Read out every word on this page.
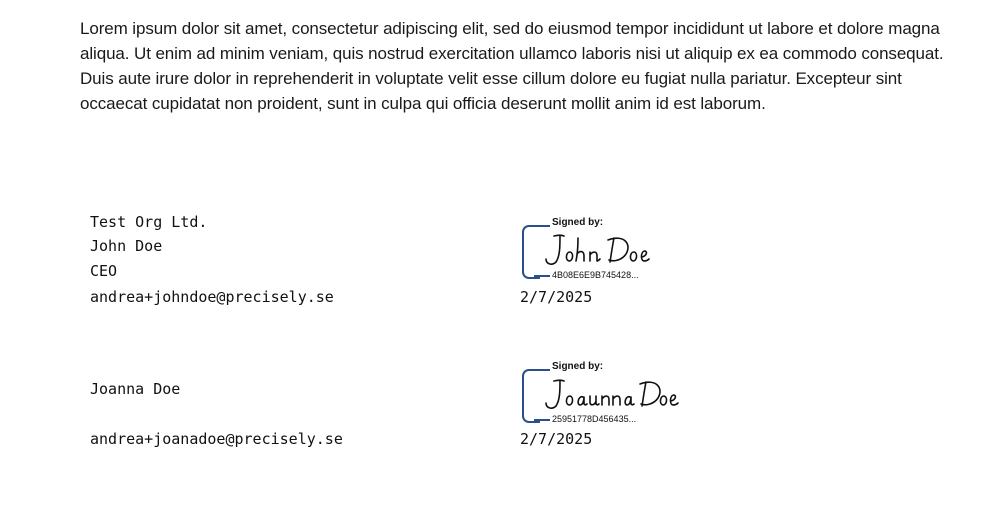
Lorem ipsum dolor sit amet, consectetur adipiscing elit, sed do eiusmod tempor incididunt ut labore et dolore magna aliqua. Ut enim ad minim veniam, quis nostrud exercitation ullamco laboris nisi ut aliquip ex ea commodo consequat. Duis aute irure dolor in reprehenderit in voluptate velit esse cillum dolore eu fugiat nulla pariatur. Excepteur sint occaecat cupidatat non proident, sunt in culpa qui officia deserunt mollit anim id est laborum.

Test Org Ltd.
John Doe
CEO
andrea+johndoe@precisely.se
Signed by:
4B08E6E9B745428...
2/7/2025
Joanna Doe
andrea+joanadoe@precisely.se
Signed by:
25951778D456435...
2/7/2025
